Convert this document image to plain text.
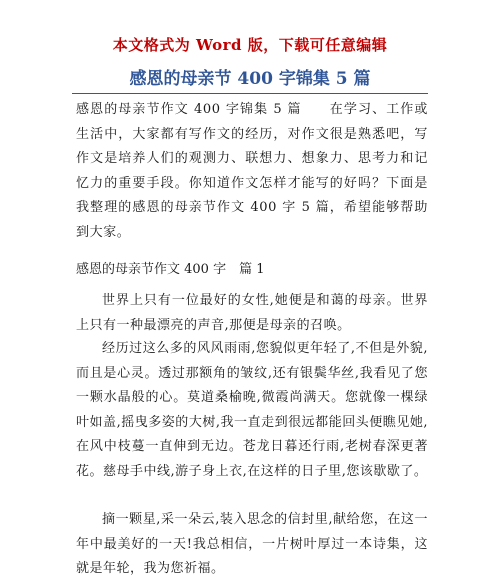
本文格式为 Word 版，下载可任意编辑
感恩的母亲节 400 字锦集 5 篇

感恩的母亲节作文 400 字锦集 5 篇　　在学习、工作或生活中，大家都有写作文的经历，对作文很是熟悉吧，写作文是培养人们的观测力、联想力、想象力、思考力和记忆力的重要手段。你知道作文怎样才能写的好吗？下面是我整理的感恩的母亲节作文 400 字 5 篇，希望能够帮助到大家。

感恩的母亲节作文 400 字　篇 1

世界上只有一位最好的女性,她便是和蔼的母亲。世界上只有一种最漂亮的声音,那便是母亲的召唤。

经历过这么多的风风雨雨,您貌似更年轻了,不但是外貌,而且是心灵。透过那额角的皱纹,还有银鬓华丝,我看见了您一颗水晶般的心。莫道桑榆晚,微霞尚满天。您就像一棵绿叶如盖,摇曳多姿的大树,我一直走到很远都能回头便瞧见她,在风中枝蔓一直伸到无边。苍龙日暮还行雨,老树春深更著花。慈母手中线,游子身上衣,在这样的日子里,您该歇歇了。

摘一颗星,采一朵云,装入思念的信封里,献给您，在这一年中最美好的一天!我总相信，一片树叶厚过一本诗集，这就是年轮，我为您祈福。
